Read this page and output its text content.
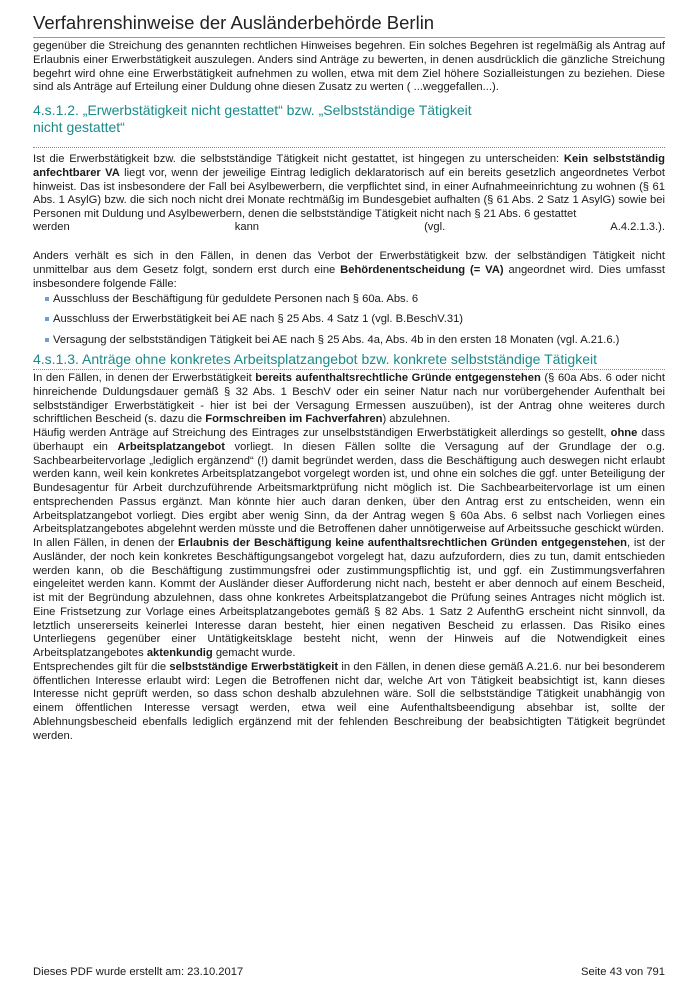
Verfahrenshinweise der Ausländerbehörde Berlin

gegenüber die Streichung des genannten rechtlichen Hinweises begehren. Ein solches Begehren ist regelmäßig als Antrag auf Erlaubnis einer Erwerbstätigkeit auszulegen. Anders sind Anträge zu bewerten, in denen ausdrücklich die gänzliche Streichung begehrt wird ohne eine Erwerbstätigkeit aufnehmen zu wollen, etwa mit dem Ziel höhere Sozialleistungen zu beziehen. Diese sind als Anträge auf Erteilung einer Duldung ohne diesen Zusatz zu werten ( ...weggefallen...).

4.s.1.2. „Erwerbstätigkeit nicht gestattet“ bzw. „Selbstständige Tätigkeit
nicht gestattet“

Ist die Erwerbstätigkeit bzw. die selbstständige Tätigkeit nicht gestattet, ist hingegen zu unterscheiden: Kein selbstständig anfechtbarer VA liegt vor, wenn der jeweilige Eintrag lediglich deklaratorisch auf ein bereits gesetzlich angeordnetes Verbot hinweist. Das ist insbesondere der Fall bei Asylbewerbern, die verpflichtet sind, in einer Aufnahmeeinrichtung zu wohnen (§ 61 Abs. 1 AsylG) bzw. die sich noch nicht drei Monate rechtmäßig im Bundesgebiet aufhalten (§ 61 Abs. 2 Satz 1 AsylG) sowie bei Personen mit Duldung und Asylbewerbern, denen die selbstständige Tätigkeit nicht nach § 21 Abs. 6 gestattet

werden	kann	(vgl.	A.4.2.1.3.).

Anders verhält es sich in den Fällen, in denen das Verbot der Erwerbstätigkeit bzw. der selbständigen Tätigkeit nicht unmittelbar aus dem Gesetz folgt, sondern erst durch eine Behördenentscheidung (= VA) angeordnet wird. Dies umfasst insbesondere folgende Fälle:

Ausschluss der Beschäftigung für geduldete Personen nach § 60a. Abs. 6
Ausschluss der Erwerbstätigkeit bei AE nach § 25 Abs. 4 Satz 1 (vgl. B.BeschV.31)
Versagung der selbstständigen Tätigkeit bei AE nach § 25 Abs. 4a, Abs. 4b in den ersten 18 Monaten (vgl. A.21.6.)
4.s.1.3. Anträge ohne konkretes Arbeitsplatzangebot bzw. konkrete selbstständige Tätigkeit

In den Fällen, in denen der Erwerbstätigkeit bereits aufenthaltsrechtliche Gründe entgegenstehen (§ 60a Abs. 6 oder nicht hinreichende Duldungsdauer gemäß § 32 Abs. 1 BeschV oder ein seiner Natur nach nur vorübergehender Aufenthalt bei selbstständiger Erwerbstätigkeit - hier ist bei der Versagung Ermessen auszuüben), ist der Antrag ohne weiteres durch schriftlichen Bescheid (s. dazu die Formschreiben im Fachverfahren) abzulehnen.

Häufig werden Anträge auf Streichung des Eintrages zur unselbstständigen Erwerbstätigkeit allerdings so gestellt, ohne dass überhaupt ein Arbeitsplatzangebot vorliegt. In diesen Fällen sollte die Versagung auf der Grundlage der o.g. Sachbearbeitervorlage „lediglich ergänzend“ (!) damit begründet werden, dass die Beschäftigung auch deswegen nicht erlaubt werden kann, weil kein konkretes Arbeitsplatzangebot vorgelegt worden ist, und ohne ein solches die ggf. unter Beteiligung der Bundesagentur für Arbeit durchzuführende Arbeitsmarktprüfung nicht möglich ist. Die Sachbearbeitervorlage ist um einen entsprechenden Passus ergänzt. Man könnte hier auch daran denken, über den Antrag erst zu entscheiden, wenn ein Arbeitsplatzangebot vorliegt. Dies ergibt aber wenig Sinn, da der Antrag wegen § 60a Abs. 6 selbst nach Vorliegen eines Arbeitsplatzangebotes abgelehnt werden müsste und die Betroffenen daher unnötigerweise auf Arbeitssuche geschickt würden.

In allen Fällen, in denen der Erlaubnis der Beschäftigung keine aufenthaltsrechtlichen Gründen entgegenstehen, ist der Ausländer, der noch kein konkretes Beschäftigungsangebot vorgelegt hat, dazu aufzufordern, dies zu tun, damit entschieden werden kann, ob die Beschäftigung zustimmungsfrei oder zustimmungspflichtig ist, und ggf. ein Zustimmungsverfahren eingeleitet werden kann. Kommt der Ausländer dieser Aufforderung nicht nach, besteht er aber dennoch auf einem Bescheid, ist mit der Begründung abzulehnen, dass ohne konkretes Arbeitsplatzangebot die Prüfung seines Antrages nicht möglich ist. Eine Fristsetzung zur Vorlage eines Arbeitsplatzangebotes gemäß § 82 Abs. 1 Satz 2 AufenthG erscheint nicht sinnvoll, da letztlich unsererseits keinerlei Interesse daran besteht, hier einen negativen Bescheid zu erlassen. Das Risiko eines Unterliegens gegenüber einer Untätigkeitsklage besteht nicht, wenn der Hinweis auf die Notwendigkeit eines Arbeitsplatzangebotes aktenkundig gemacht wurde.

Entsprechendes gilt für die selbstständige Erwerbstätigkeit in den Fällen, in denen diese gemäß A.21.6. nur bei besonderem öffentlichen Interesse erlaubt wird: Legen die Betroffenen nicht dar, welche Art von Tätigkeit beabsichtigt ist, kann dieses Interesse nicht geprüft werden, so dass schon deshalb abzulehnen wäre. Soll die selbstständige Tätigkeit unabhängig von einem öffentlichen Interesse versagt werden, etwa weil eine Aufenthaltsbeendigung absehbar ist, sollte der Ablehnungsbescheid ebenfalls lediglich ergänzend mit der fehlenden Beschreibung der beabsichtigten Tätigkeit begründet werden.

Dieses PDF wurde erstellt am: 23.10.2017	Seite 43 von 791
